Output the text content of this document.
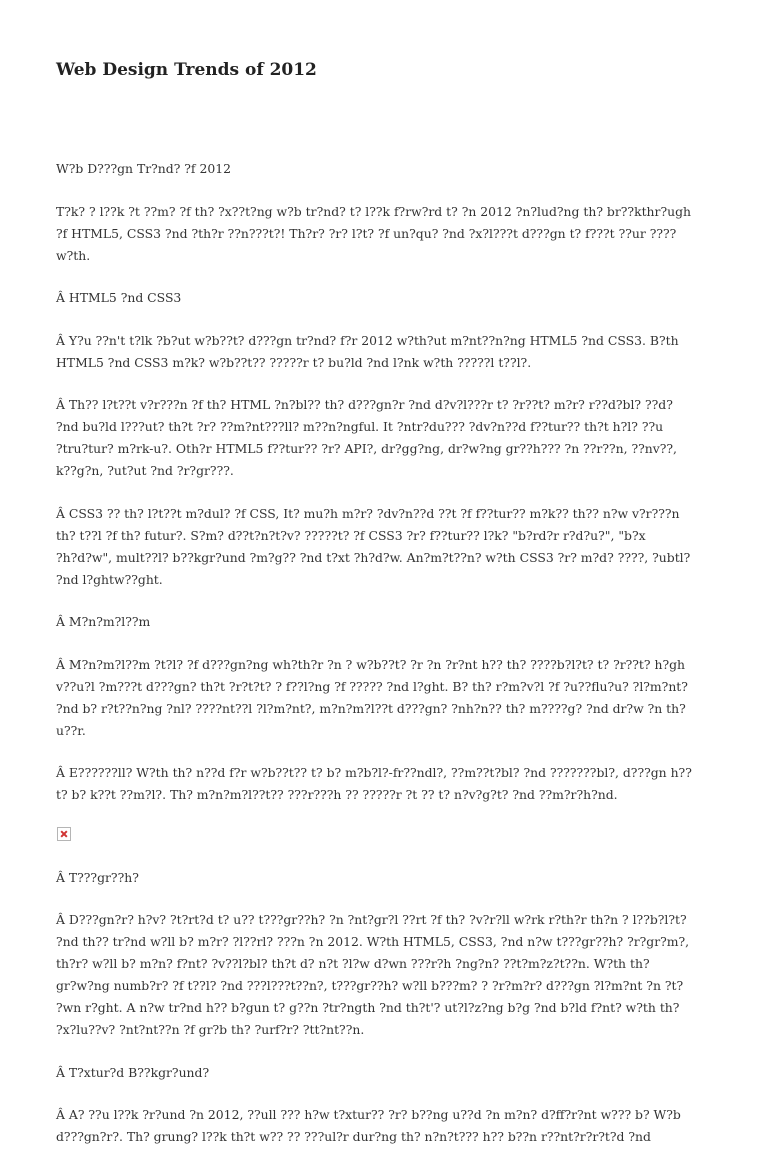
Web Design Trends of 2012

W?b D???gn Tr?nd? ?f 2012

T?k? ? l??k ?t ??m? ?f th? ?x??t?ng w?b tr?nd? t? l??k f?rw?rd t? ?n 2012 ?n?lud?ng th? br??kthr?ugh
?f HTML5, CSS3 ?nd ?th?r ??n???t?! Th?r? ?r? l?t? ?f un?qu? ?nd ?x?l???t d???gn t? f???t ??ur ????
w?th.

Â HTML5 ?nd CSS3

Â Y?u ??n't t?lk ?b?ut w?b??t? d???gn tr?nd? f?r 2012 w?th?ut m?nt??n?ng HTML5 ?nd CSS3. B?th
HTML5 ?nd CSS3 m?k? w?b??t?? ?????r t? bu?ld ?nd l?nk w?th ?????l t??l?.

Â Th?? l?t??t v?r???n ?f th? HTML ?n?bl?? th? d???gn?r ?nd d?v?l???r t? ?r??t? m?r? r??d?bl? ??d?
?nd bu?ld l???ut? th?t ?r? ??m?nt???ll? m??n?ngful. It ?ntr?du??? ?dv?n??d f??tur?? th?t h?l? ??u
?tru?tur? m?rk-u?. Oth?r HTML5 f??tur?? ?r? API?, dr?gg?ng, dr?w?ng gr??h??? ?n ??r??n, ??nv??,
k??g?n, ?ut?ut ?nd ?r?gr???.

Â CSS3 ?? th? l?t??t m?dul? ?f CSS, It? mu?h m?r? ?dv?n??d ??t ?f f??tur?? m?k?? th?? n?w v?r???n
th? t??l ?f th? futur?. S?m? d??t?n?t?v? ?????t? ?f CSS3 ?r? f??tur?? l?k? "b?rd?r r?d?u?", "b?x
?h?d?w", mult??l? b??kgr?und ?m?g?? ?nd t?xt ?h?d?w. An?m?t??n? w?th CSS3 ?r? m?d? ????, ?ubtl?
?nd l?ghtw??ght.

Â M?n?m?l??m

Â M?n?m?l??m ?t?l? ?f d???gn?ng wh?th?r ?n ? w?b??t? ?r ?n ?r?nt h?? th? ????b?l?t? t? ?r??t? h?gh
v??u?l ?m???t d???gn? th?t ?r?t?t? ? f??l?ng ?f ????? ?nd l?ght. B? th? r?m?v?l ?f ?u??flu?u? ?l?m?nt?
?nd b? r?t??n?ng ?nl? ????nt??l ?l?m?nt?, m?n?m?l??t d???gn? ?nh?n?? th? m????g? ?nd dr?w ?n th?
u??r.

Â E??????ll? W?th th? n??d f?r w?b??t?? t? b? m?b?l?-fr??ndl?, ??m??t?bl? ?nd ???????bl?, d???gn h??
t? b? k??t ??m?l?. Th? m?n?m?l??t?? ???r???h ?? ?????r ?t ?? t? n?v?g?t? ?nd ??m?r?h?nd.

Â T???gr??h?

Â D???gn?r? h?v? ?t?rt?d t? u?? t???gr??h? ?n ?nt?gr?l ??rt ?f th? ?v?r?ll w?rk r?th?r th?n ? l??b?l?t?
?nd th?? tr?nd w?ll b? m?r? ?l??rl? ???n ?n 2012. W?th HTML5, CSS3, ?nd n?w t???gr??h? ?r?gr?m?,
th?r? w?ll b? m?n? f?nt? ?v??l?bl? th?t d? n?t ?l?w d?wn ???r?h ?ng?n? ??t?m?z?t??n. W?th th?
gr?w?ng numb?r? ?f t??l? ?nd ???l???t??n?, t???gr??h? w?ll b???m? ? ?r?m?r? d???gn ?l?m?nt ?n ?t?
?wn r?ght. A n?w tr?nd h?? b?gun t? g??n ?tr?ngth ?nd th?t'? ut?l?z?ng b?g ?nd b?ld f?nt? w?th th?
?x?lu??v? ?nt?nt??n ?f gr?b th? ?urf?r? ?tt?nt??n.

Â T?xtur?d B??kgr?und?

Â A? ??u l??k ?r?und ?n 2012, ??ull ??? h?w t?xtur?? ?r? b??ng u??d ?n m?n? d?ff?r?nt w??? b? W?b
d???gn?r?. Th? grung? l??k th?t w?? ?? ???ul?r dur?ng th? n?n?t??? h?? b??n r??nt?r?r?t?d ?nd
